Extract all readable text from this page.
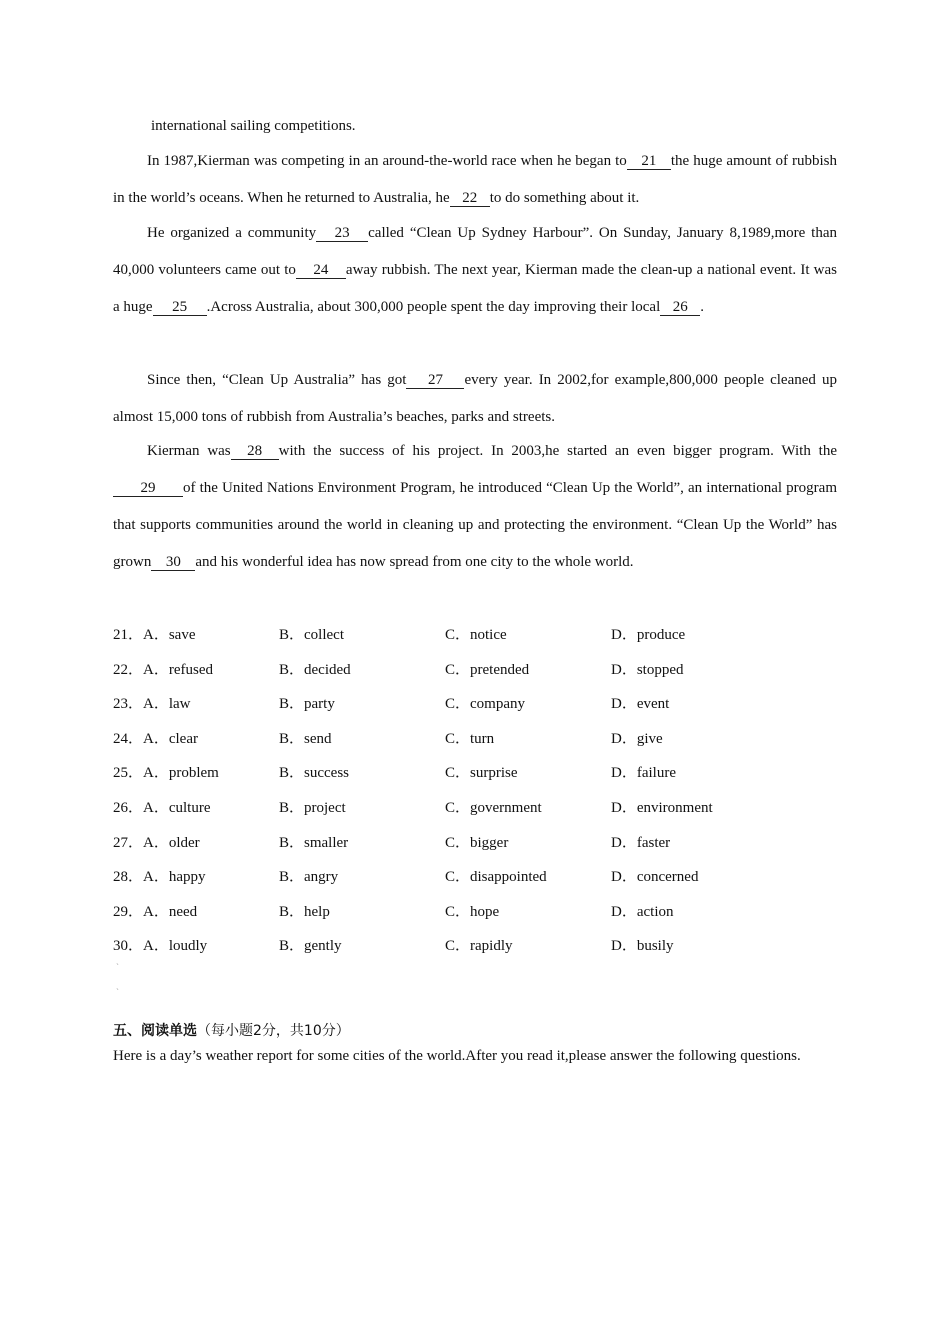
international sailing competitions.
In 1987,Kierman was competing in an around-the-world race when he began to 21 the huge amount of rubbish in the world’s oceans. When he returned to Australia, he 22 to do something about it.
He organized a community 23 called “Clean Up Sydney Harbour”. On Sunday, January 8,1989,more than 40,000 volunteers came out to 24 away rubbish. The next year, Kierman made the clean-up a national event. It was a huge 25 .Across Australia, about 300,000 people spent the day improving their local 26 .
Since then, “Clean Up Australia” has got 27 every year. In 2002,for example,800,000 people cleaned up almost 15,000 tons of rubbish from Australia’s beaches, parks and streets.
Kierman was 28 with the success of his project. In 2003,he started an even bigger program. With the29 of the United Nations Environment Program, he introduced “Clean Up the World”, an international program that supports communities around the world in cleaning up and protecting the environment. “Clean Up the World” has grown 30 and his wonderful idea has now spread from one city to the whole world.
21．A．save	B．collect	C．notice	D．produce
22．A．refused	B．decided	C．pretended	D．stopped
23．A．law	B．party	C．company	D．event
24．A．clear	B．send	C．turn	D．give
25．A．problem	B．success	C．surprise	D．failure
26．A．culture	B．project	C．government	D．environment
27．A．older	B．smaller	C．bigger	D．faster
28．A．happy	B．angry	C．disappointed	D．concerned
29．A．need	B．help	C．hope	D．action
30．A．loudly	B．gently	C．rapidly	D．busily
`
`
五、阅读单选（每小题2分，共10分）
Here is a day’s weather report for some cities of the world.After you read it,please answer the following questions.
